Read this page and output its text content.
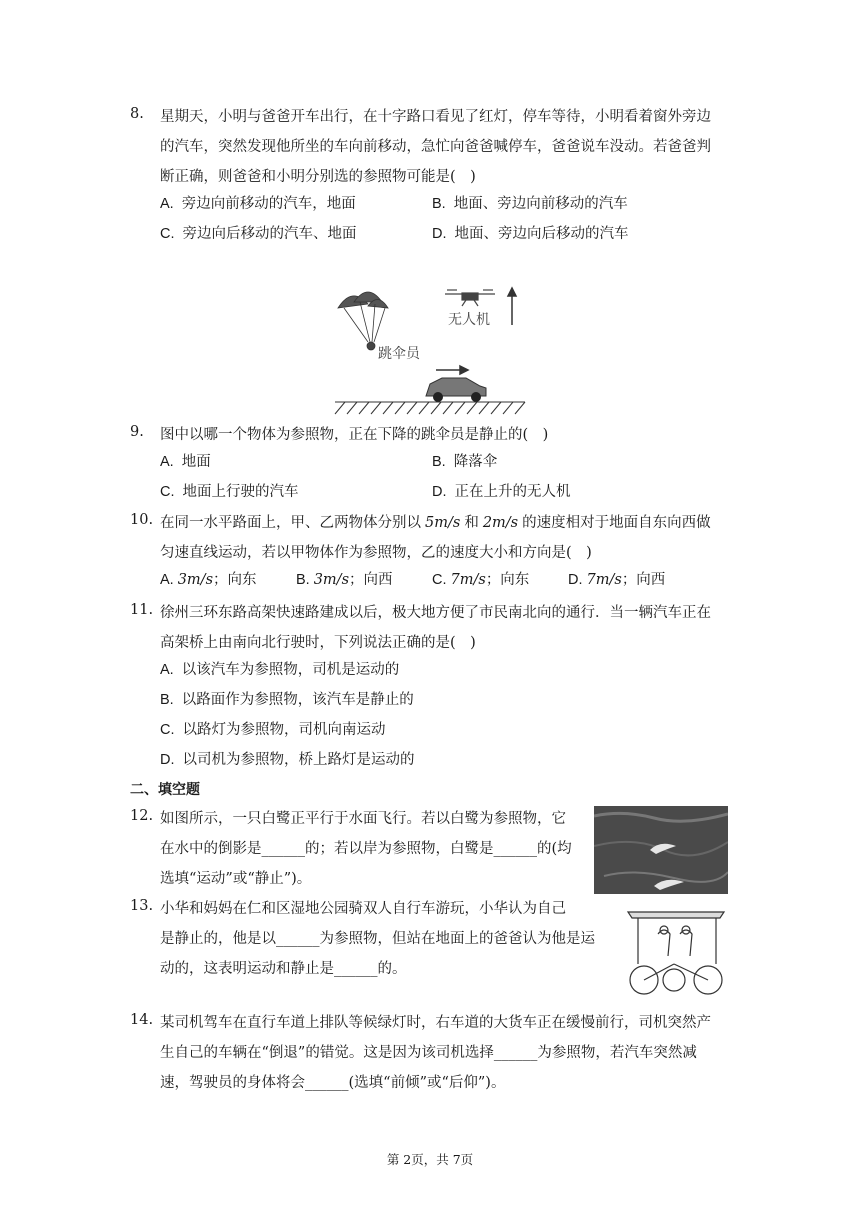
8. 星期天，小明与爸爸开车出行，在十字路口看见了红灯，停车等待，小明看着窗外旁边
的汽车，突然发现他所坐的车向前移动，急忙向爸爸喊停车，爸爸说车没动。若爸爸判
断正确，则爸爸和小明分别选的参照物可能是(　)
A. 旁边向前移动的汽车，地面	B. 地面、旁边向前移动的汽车
C. 旁边向后移动的汽车、地面	D. 地面、旁边向后移动的汽车
跳伞员
无人机
9. 图中以哪一个物体为参照物，正在下降的跳伞员是静止的(　)
A. 地面	B. 降落伞
C. 地面上行驶的汽车	D. 正在上升的无人机
10. 在同一水平路面上，甲、乙两物体分别以 5m/s 和 2m/s 的速度相对于地面自东向西做
匀速直线运动，若以甲物体作为参照物，乙的速度大小和方向是(　)
A. 3m/s；向东	B. 3m/s；向西	C. 7m/s；向东	D. 7m/s；向西
11. 徐州三环东路高架快速路建成以后，极大地方便了市民南北向的通行．当一辆汽车正在
高架桥上由南向北行驶时，下列说法正确的是(　)
A. 以该汽车为参照物，司机是运动的
B. 以路面作为参照物，该汽车是静止的
C. 以路灯为参照物，司机向南运动
D. 以司机为参照物，桥上路灯是运动的
二、填空题
12. 如图所示，一只白鹭正平行于水面飞行。若以白鹭为参照物，它
在水中的倒影是______的；若以岸为参照物，白鹭是______的(均
选填“运动”或“静止”)。
13. 小华和妈妈在仁和区湿地公园骑双人自行车游玩，小华认为自己
是静止的，他是以______为参照物，但站在地面上的爸爸认为他是运
动的，这表明运动和静止是______的。
14. 某司机驾车在直行车道上排队等候绿灯时，右车道的大货车正在缓慢前行，司机突然产
生自己的车辆在“倒退”的错觉。这是因为该司机选择______为参照物，若汽车突然减
速，驾驶员的身体将会______(选填“前倾”或“后仰”)。
第 2页，共 7页
